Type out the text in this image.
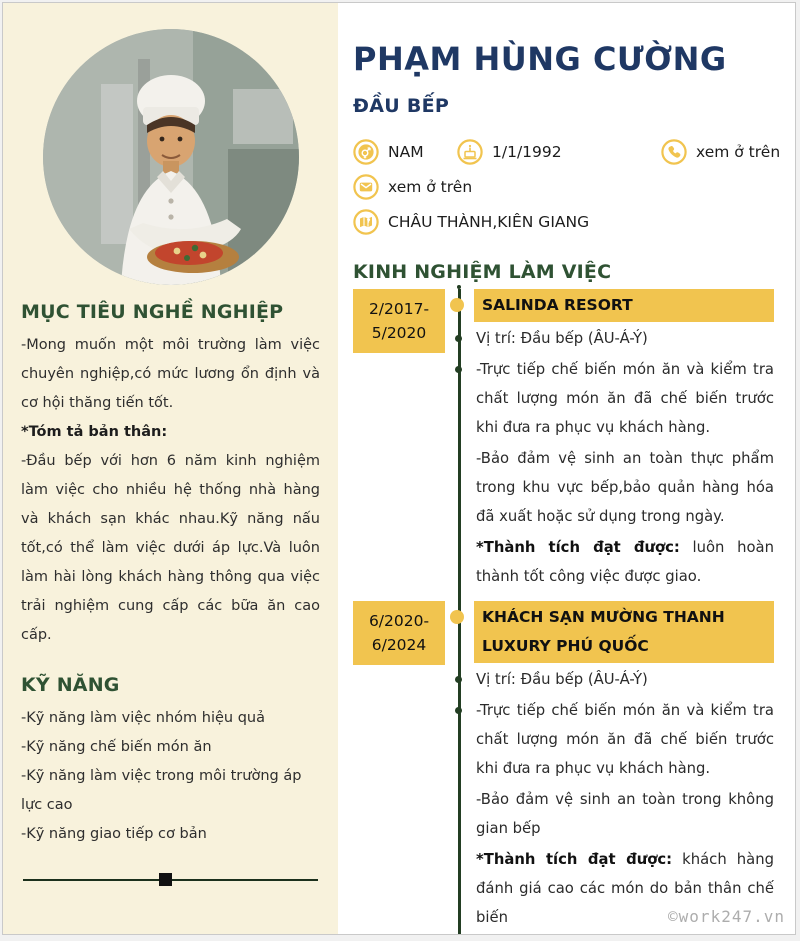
MỤC TIÊU NGHỀ NGHIỆP

-Mong muốn một môi trường làm việc chuyên nghiệp,có mức lương ổn định và cơ hội thăng tiến tốt.

*Tóm tả bản thân:

-Đầu bếp với hơn 6 năm kinh nghiệm làm việc cho nhiều hệ thống nhà hàng và khách sạn khác nhau.Kỹ năng nấu tốt,có thể làm việc dưới áp lực.Và luôn làm hài lòng khách hàng thông qua việc trải nghiệm cung cấp các bữa ăn cao cấp.

KỸ NĂNG
-Kỹ năng làm việc nhóm hiệu quả
-Kỹ năng chế biến món ăn
-Kỹ năng làm việc trong môi trường áp lực cao
-Kỹ năng giao tiếp cơ bản
PHẠM HÙNG CƯỜNG
ĐẦU BẾP
NAM	1/1/1992	xem ở trên
xem ở trên
CHÂU THÀNH,KIÊN GIANG
KINH NGHIỆM LÀM VIỆC
2/2017-
5/2020
SALINDA RESORT
Vị trí: Đầu bếp (ÂU-Á-Ý)
-Trực tiếp chế biến món ăn và kiểm tra chất lượng món ăn đã chế biến trước khi đưa ra phục vụ khách hàng.
-Bảo đảm vệ sinh an toàn thực phẩm trong khu vực bếp,bảo quản hàng hóa đã xuất hoặc sử dụng trong ngày.
*Thành tích đạt được: luôn hoàn thành tốt công việc được giao.
6/2020-
6/2024
KHÁCH SẠN MƯỜNG THANH LUXURY PHÚ QUỐC
Vị trí: Đầu bếp (ÂU-Á-Ý)
-Trực tiếp chế biến món ăn và kiểm tra chất lượng món ăn đã chế biến trước khi đưa ra phục vụ khách hàng.
-Bảo đảm vệ sinh an toàn trong không gian bếp
*Thành tích đạt được: khách hàng đánh giá cao các món do bản thân chế biến	©work247.vn
